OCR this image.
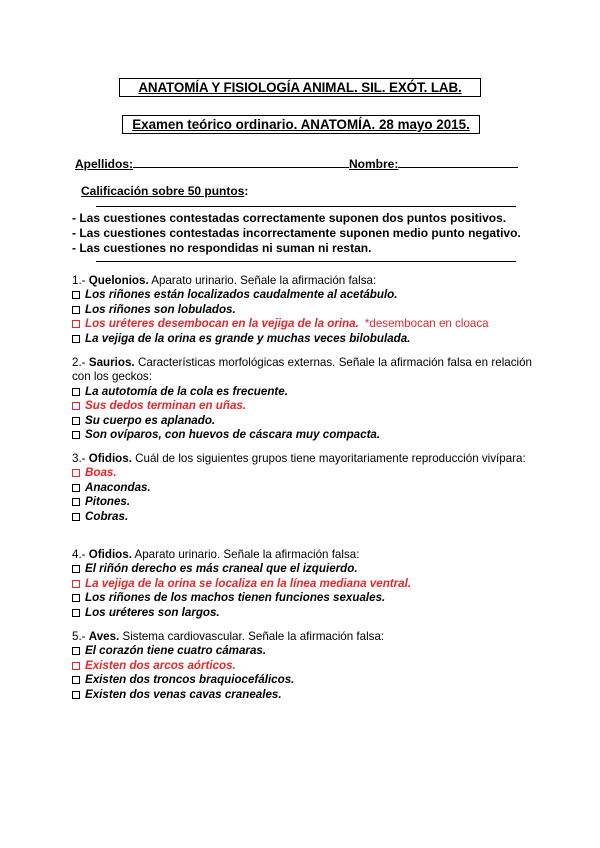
ANATOMÍA Y FISIOLOGÍA ANIMAL. SIL. EXÓT. LAB.
Examen teórico ordinario. ANATOMÍA. 28 mayo 2015.
Apellidos:	Nombre:
Calificación sobre 50 puntos:
- Las cuestiones contestadas correctamente suponen dos puntos positivos.
- Las cuestiones contestadas incorrectamente suponen medio punto negativo.
- Las cuestiones no respondidas ni suman ni restan.
1.- Quelonios. Aparato urinario. Señale la afirmación falsa:
Los riñones están localizados caudalmente al acetábulo.
Los riñones son lobulados.
Los uréteres desembocan en la vejiga de la orina. *desembocan en cloaca
La vejiga de la orina es grande y muchas veces bilobulada.
2.- Saurios. Características morfológicas externas. Señale la afirmación falsa en relación con los geckos:
La autotomía de la cola es frecuente.
Sus dedos terminan en uñas.
Su cuerpo es aplanado.
Son ovíparos, con huevos de cáscara muy compacta.
3.- Ofidios. Cuál de los siguientes grupos tiene mayoritariamente reproducción vivípara:
Boas.
Anacondas.
Pitones.
Cobras.
4.- Ofidios. Aparato urinario. Señale la afirmación falsa:
El riñón derecho es más craneal que el izquierdo.
La vejiga de la orina se localiza en la línea mediana ventral.
Los riñones de los machos tienen funciones sexuales.
Los uréteres son largos.
5.- Aves. Sistema cardiovascular. Señale la afirmación falsa:
El corazón tiene cuatro cámaras.
Existen dos arcos aórticos.
Existen dos troncos braquiocefálicos.
Existen dos venas cavas craneales.
